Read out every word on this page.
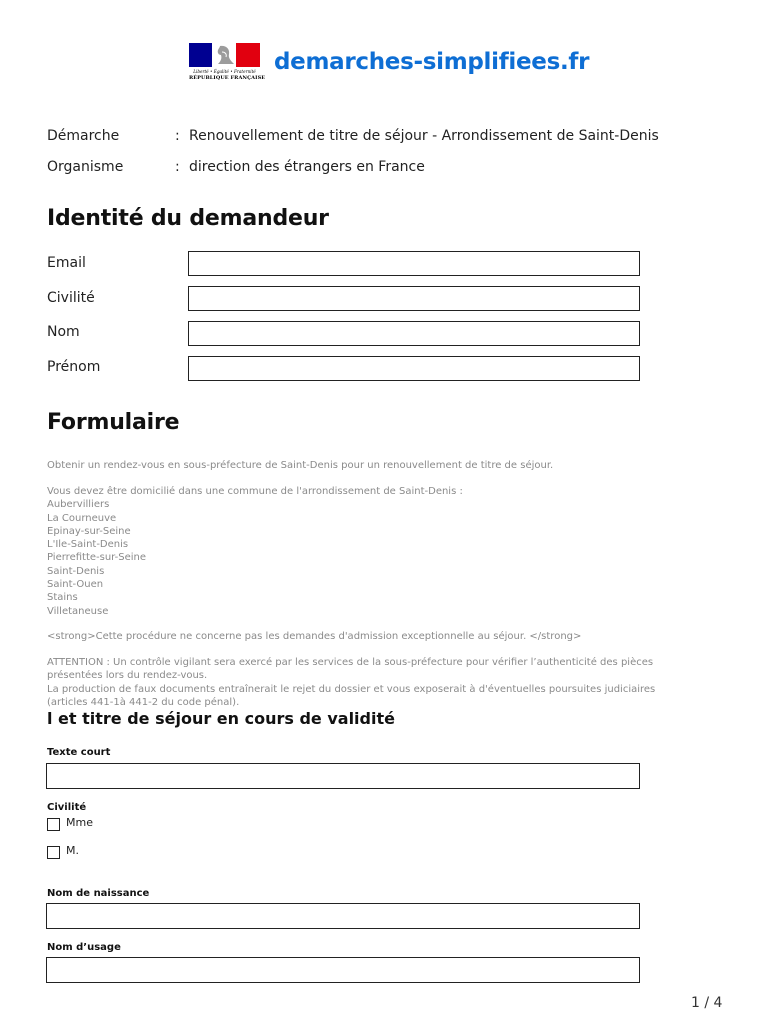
Liberté • Égalité • Fraternité
RÉPUBLIQUE FRANÇAISE
demarches-simplifiees.fr
Démarche	: Renouvellement de titre de séjour - Arrondissement de Saint-Denis
Organisme	: direction des étrangers en France
Identité du demandeur
Email
Civilité
Nom
Prénom
Formulaire
Obtenir un rendez-vous en sous-préfecture de Saint-Denis pour un renouvellement de titre de séjour.
Vous devez être domicilié dans une commune de l'arrondissement de Saint-Denis :
Aubervilliers
La Courneuve
Epinay-sur-Seine
L'Ile-Saint-Denis
Pierrefitte-sur-Seine
Saint-Denis
Saint-Ouen
Stains
Villetaneuse
<strong>Cette procédure ne concerne pas les demandes d'admission exceptionnelle au séjour. </strong>
ATTENTION : Un contrôle vigilant sera exercé par les services de la sous-préfecture pour vérifier l’authenticité des pièces
présentées lors du rendez-vous.
La production de faux documents entraînerait le rejet du dossier et vous exposerait à d'éventuelles poursuites judiciaires
(articles 441-1à 441-2 du code pénal).
l et titre de séjour en cours de validité
Texte court
Civilité
Mme
M.
Nom de naissance
Nom d’usage
1 / 4
